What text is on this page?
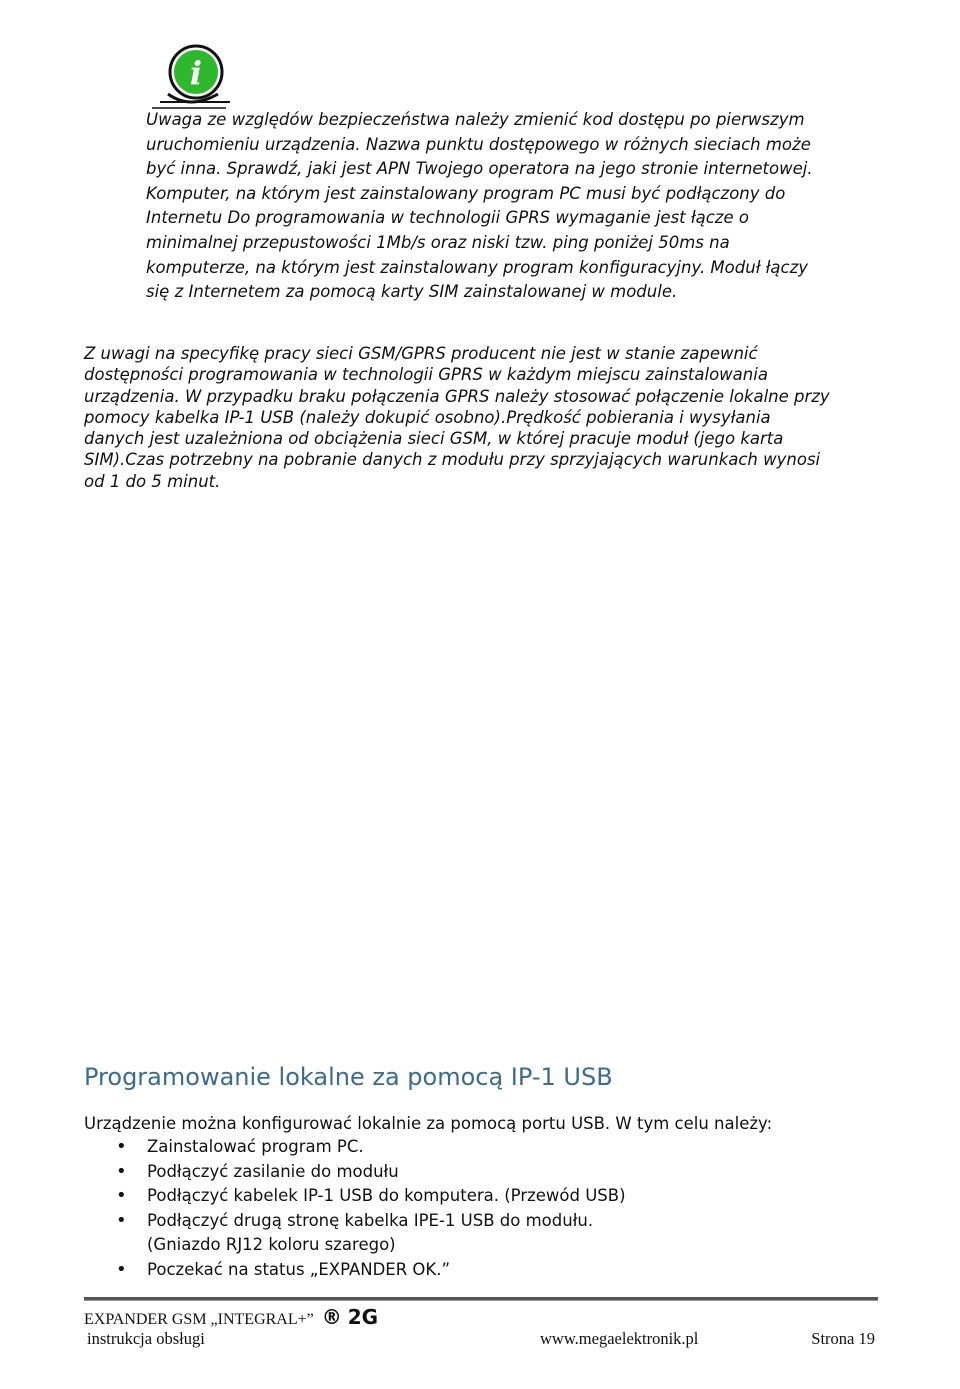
i

Uwaga ze względów bezpieczeństwa należy zmienić kod dostępu po pierwszym

uruchomieniu urządzenia. Nazwa punktu dostępowego w różnych sieciach może

być inna. Sprawdź, jaki jest APN Twojego operatora na jego stronie internetowej.

Komputer, na którym jest zainstalowany program PC musi być podłączony do

Internetu Do programowania w technologii GPRS wymaganie jest łącze o

minimalnej przepustowości 1Mb/s oraz niski tzw. ping poniżej 50ms na

komputerze, na którym jest zainstalowany program konfiguracyjny. Moduł łączy

się z Internetem za pomocą karty SIM zainstalowanej w module.

Z uwagi na specyfikę pracy sieci GSM/GPRS producent nie jest w stanie zapewnić

dostępności programowania w technologii GPRS w każdym miejscu zainstalowania

urządzenia. W przypadku braku połączenia GPRS należy stosować połączenie lokalne przy

pomocy kabelka IP-1 USB (należy dokupić osobno).Prędkość pobierania i wysyłania

danych jest uzależniona od obciążenia sieci GSM, w której pracuje moduł (jego karta

SIM).Czas potrzebny na pobranie danych z modułu przy sprzyjających warunkach wynosi

od 1 do 5 minut.

Programowanie lokalne za pomocą IP-1 USB

Urządzenie można konfigurować lokalnie za pomocą portu USB. W tym celu należy:

• Zainstalować program PC.
• Podłączyć zasilanie do modułu
• Podłączyć kabelek IP-1 USB do komputera. (Przewód USB)
• Podłączyć drugą stronę kabelka IPE-1 USB do modułu.
(Gniazdo RJ12 koloru szarego)
• Poczekać na status „EXPANDER OK.”
EXPANDER GSM „INTEGRAL+” ® 2G
instrukcja obsługi	www.megaelektronik.pl	Strona 19
